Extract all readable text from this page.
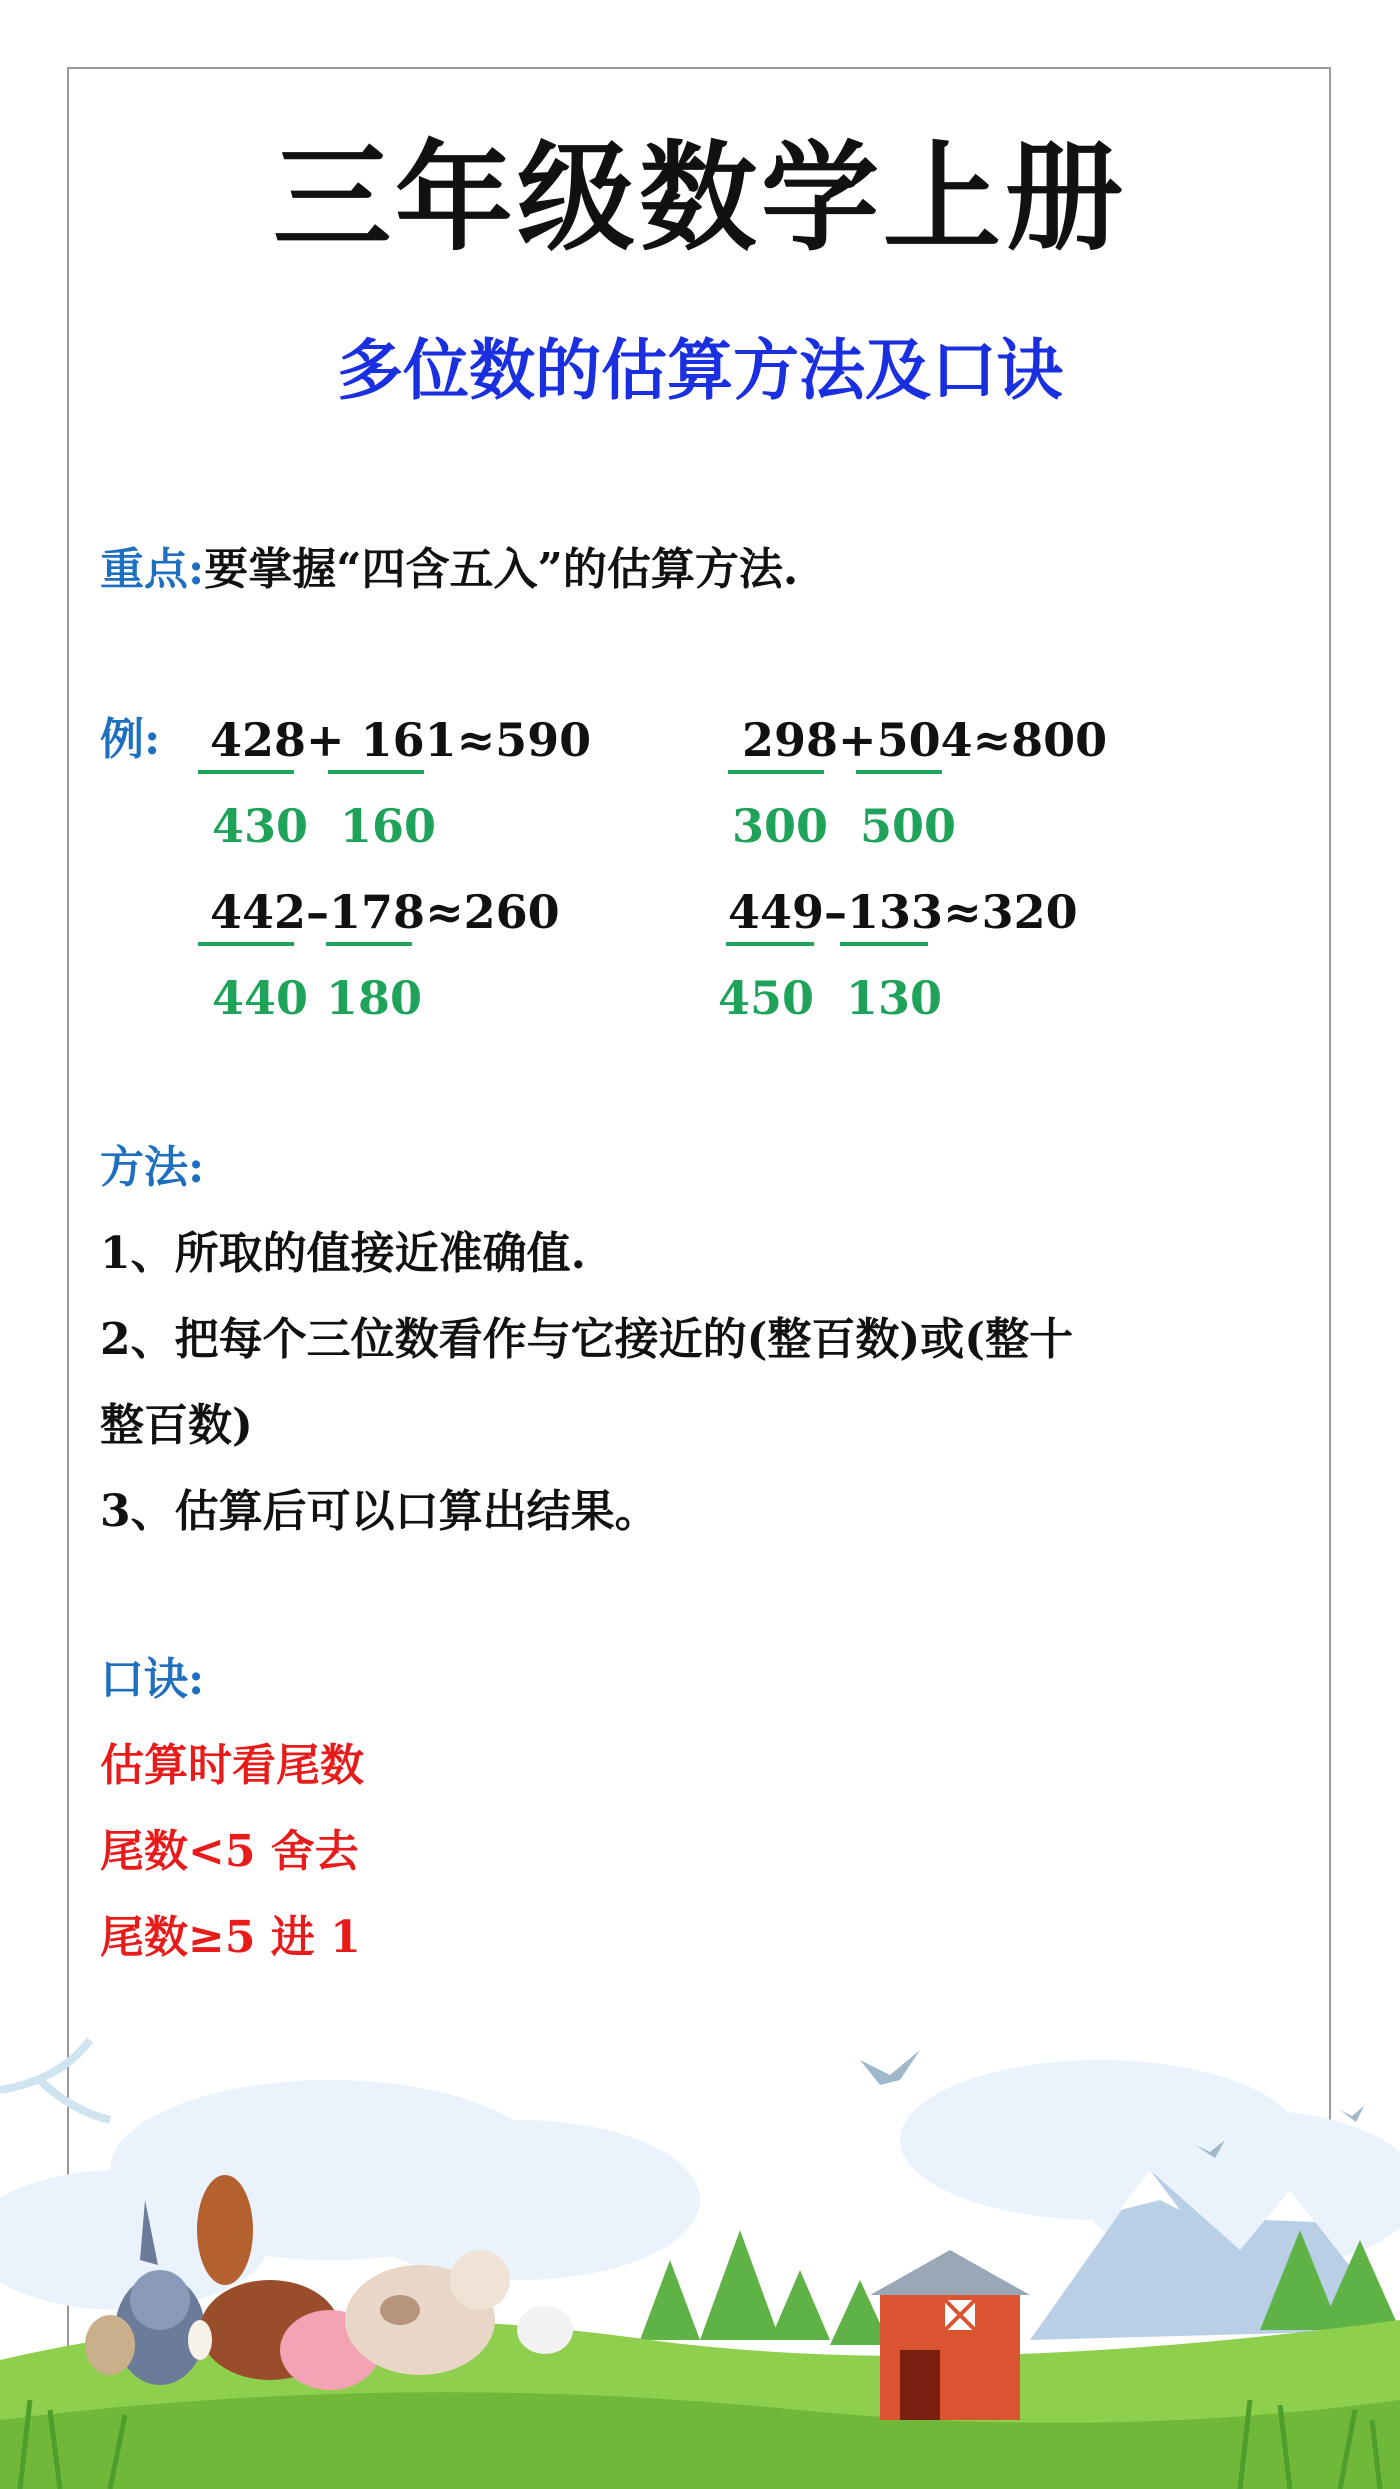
三年级数学上册
多位数的估算方法及口诀
重点:要掌握“四含五入”的估算方法.
例: 428+ 161≈590
430 160
298+504≈800
300 500
442–178≈260
440 180
449–133≈320
450 130
方法:
1、所取的值接近准确值.
2、把每个三位数看作与它接近的(整百数)或(整十
整百数)
3、估算后可以口算出结果。
口诀:
估算时看尾数
尾数<5 舍去
尾数≥5 进 1
